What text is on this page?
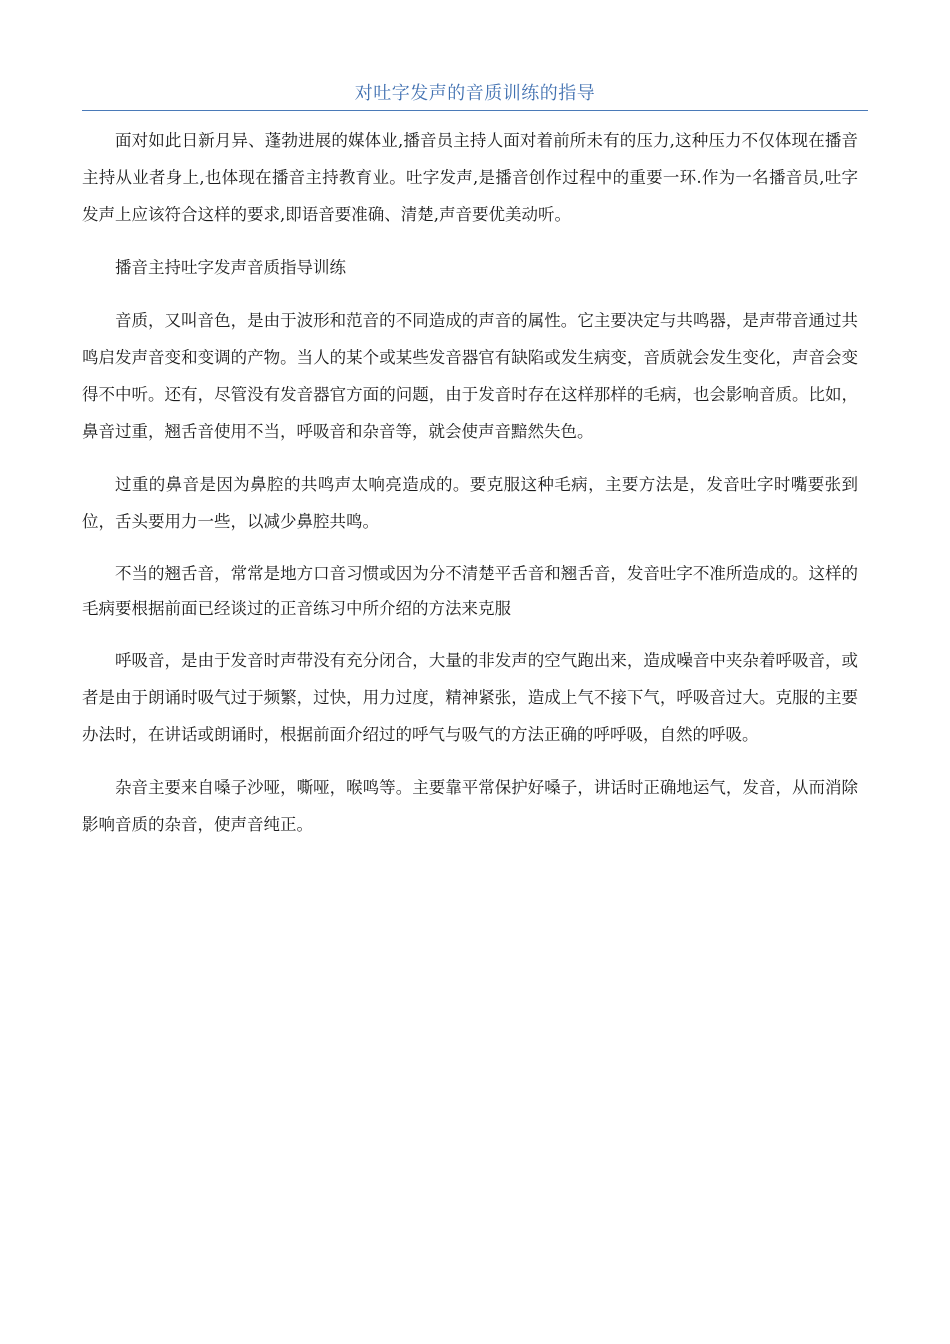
对吐字发声的音质训练的指导

面对如此日新月异、蓬勃进展的媒体业,播音员主持人面对着前所未有的压力,这种压力不仅体现在播音主持从业者身上,也体现在播音主持教育业。吐字发声,是播音创作过程中的重要一环.作为一名播音员,吐字发声上应该符合这样的要求,即语音要准确、清楚,声音要优美动听。

播音主持吐字发声音质指导训练

音质，又叫音色，是由于波形和范音的不同造成的声音的属性。它主要决定与共鸣器，是声带音通过共鸣启发声音变和变调的产物。当人的某个或某些发音器官有缺陷或发生病变，音质就会发生变化，声音会变得不中听。还有，尽管没有发音器官方面的问题，由于发音时存在这样那样的毛病，也会影响音质。比如，鼻音过重，翘舌音使用不当，呼吸音和杂音等，就会使声音黯然失色。

过重的鼻音是因为鼻腔的共鸣声太响亮造成的。要克服这种毛病，主要方法是，发音吐字时嘴要张到位，舌头要用力一些，以减少鼻腔共鸣。

不当的翘舌音，常常是地方口音习惯或因为分不清楚平舌音和翘舌音，发音吐字不准所造成的。这样的毛病要根据前面已经谈过的正音练习中所介绍的方法来克服

呼吸音，是由于发音时声带没有充分闭合，大量的非发声的空气跑出来，造成噪音中夹杂着呼吸音，或者是由于朗诵时吸气过于频繁，过快，用力过度，精神紧张，造成上气不接下气，呼吸音过大。克服的主要办法时，在讲话或朗诵时，根据前面介绍过的呼气与吸气的方法正确的呼呼吸，自然的呼吸。

杂音主要来自嗓子沙哑，嘶哑，喉鸣等。主要靠平常保护好嗓子，讲话时正确地运气，发音，从而消除影响音质的杂音，使声音纯正。
